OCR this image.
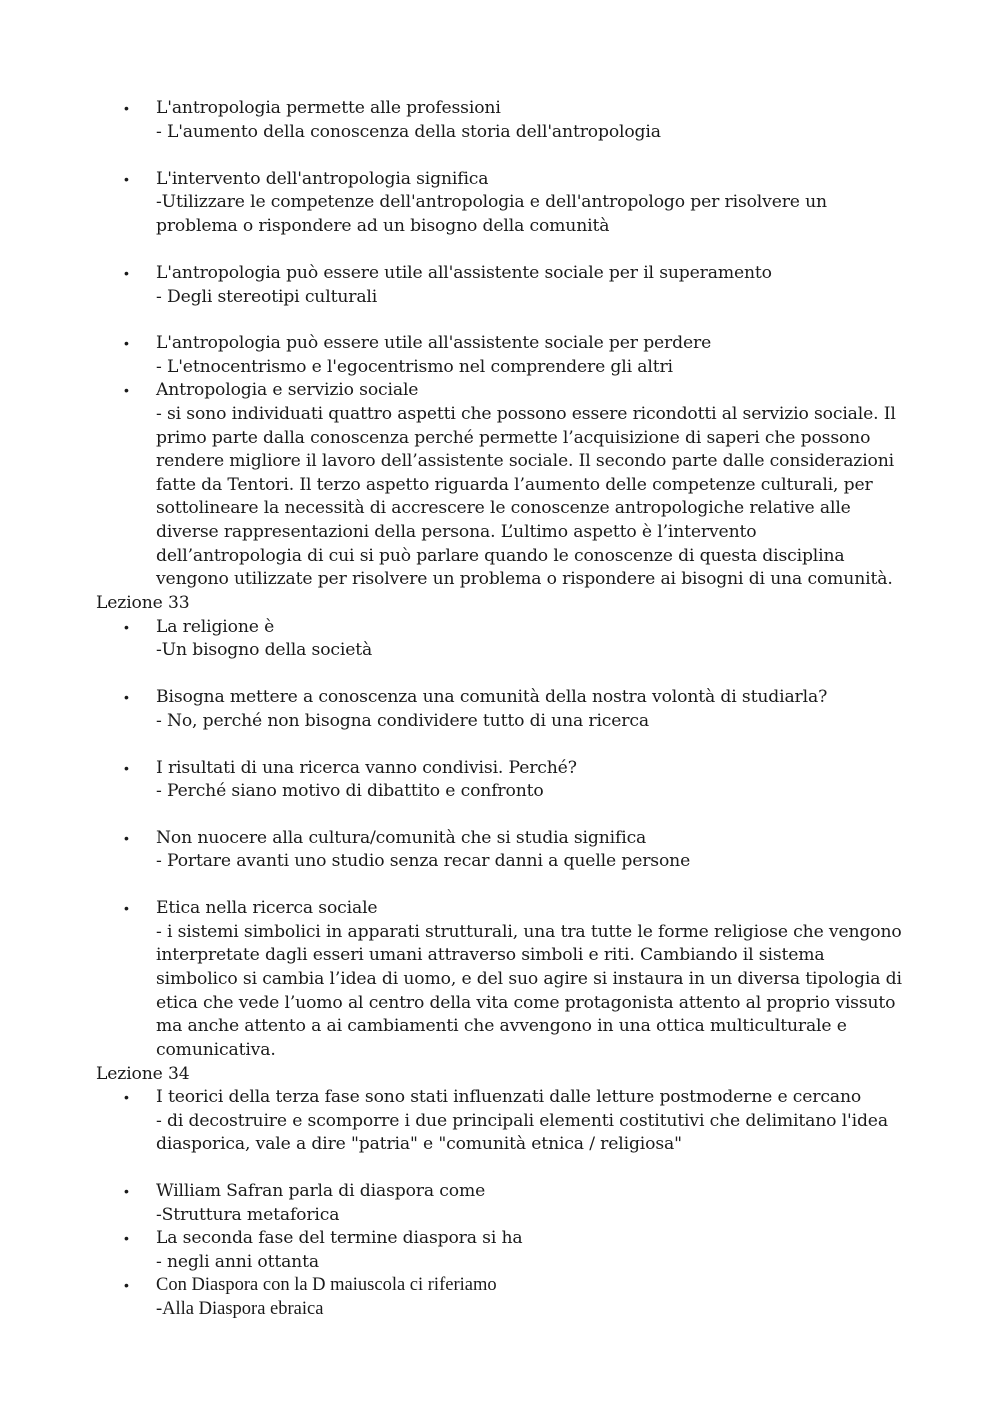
• L'antropologia permette alle professioni
- L'aumento della conoscenza della storia dell'antropologia
• L'intervento dell'antropologia significa
-Utilizzare le competenze dell'antropologia e dell'antropologo per risolvere un
problema o rispondere ad un bisogno della comunità
• L'antropologia può essere utile all'assistente sociale per il superamento
- Degli stereotipi culturali
• L'antropologia può essere utile all'assistente sociale per perdere
- L'etnocentrismo e l'egocentrismo nel comprendere gli altri
• Antropologia e servizio sociale
- si sono individuati quattro aspetti che possono essere ricondotti al servizio sociale. Il
primo parte dalla conoscenza perché permette l’acquisizione di saperi che possono
rendere migliore il lavoro dell’assistente sociale. Il secondo parte dalle considerazioni
fatte da Tentori. Il terzo aspetto riguarda l’aumento delle competenze culturali, per
sottolineare la necessità di accrescere le conoscenze antropologiche relative alle
diverse rappresentazioni della persona. L’ultimo aspetto è l’intervento
dell’antropologia di cui si può parlare quando le conoscenze di questa disciplina
vengono utilizzate per risolvere un problema o rispondere ai bisogni di una comunità.
Lezione 33
• La religione è
-Un bisogno della società
• Bisogna mettere a conoscenza una comunità della nostra volontà di studiarla?
- No, perché non bisogna condividere tutto di una ricerca
• I risultati di una ricerca vanno condivisi. Perché?
- Perché siano motivo di dibattito e confronto
• Non nuocere alla cultura/comunità che si studia significa
- Portare avanti uno studio senza recar danni a quelle persone
• Etica nella ricerca sociale
- i sistemi simbolici in apparati strutturali, una tra tutte le forme religiose che vengono
interpretate dagli esseri umani attraverso simboli e riti. Cambiando il sistema
simbolico si cambia l’idea di uomo, e del suo agire si instaura in un diversa tipologia di
etica che vede l’uomo al centro della vita come protagonista attento al proprio vissuto
ma anche attento a ai cambiamenti che avvengono in una ottica multiculturale e
comunicativa.
Lezione 34
• I teorici della terza fase sono stati influenzati dalle letture postmoderne e cercano
- di decostruire e scomporre i due principali elementi costitutivi che delimitano l'idea
diasporica, vale a dire "patria" e "comunità etnica / religiosa"
• William Safran parla di diaspora come
-Struttura metaforica
• La seconda fase del termine diaspora si ha
- negli anni ottanta
• Con Diaspora con la D maiuscola ci riferiamo
-Alla Diaspora ebraica
